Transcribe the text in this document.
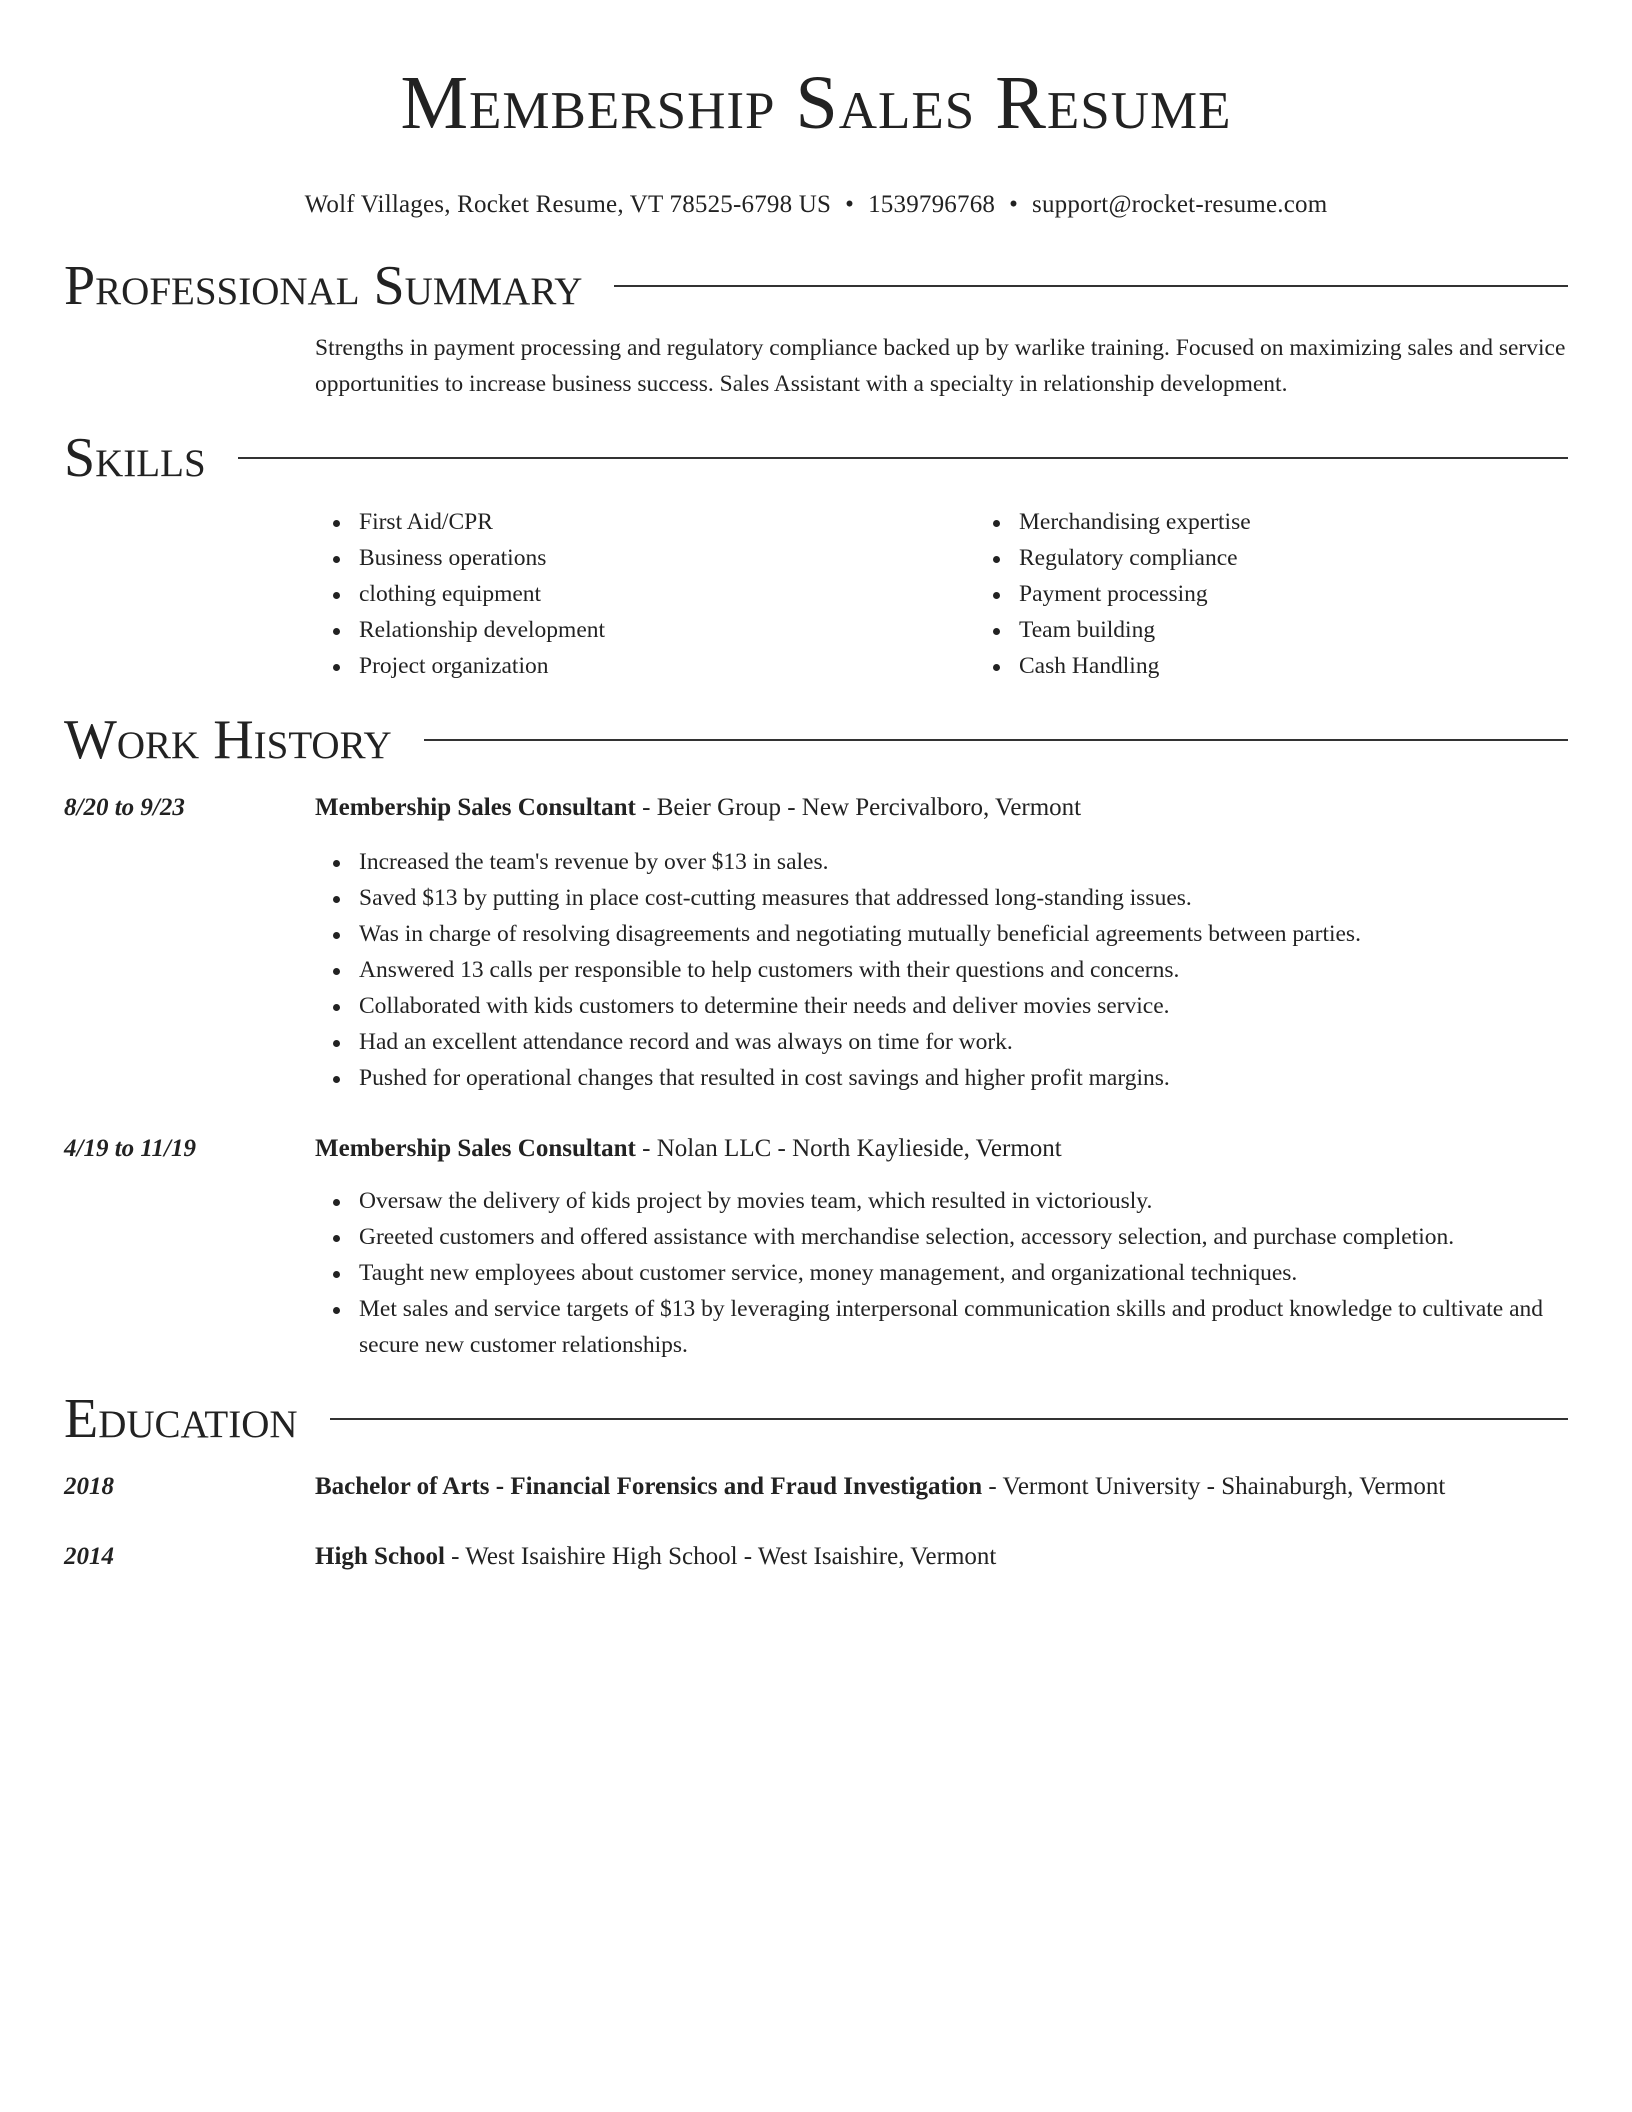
Membership Sales Resume
Wolf Villages, Rocket Resume, VT 78525-6798 US • 1539796768 • support@rocket-resume.com
Professional Summary

Strengths in payment processing and regulatory compliance backed up by warlike training. Focused on maximizing sales and service opportunities to increase business success. Sales Assistant with a specialty in relationship development.

Skills
First Aid/CPR
Business operations
clothing equipment
Relationship development
Project organization
Merchandising expertise
Regulatory compliance
Payment processing
Team building
Cash Handling
Work History
8/20 to 9/23	Membership Sales Consultant - Beier Group - New Percivalboro, Vermont
Increased the team's revenue by over $13 in sales.
Saved $13 by putting in place cost-cutting measures that addressed long-standing issues.
Was in charge of resolving disagreements and negotiating mutually beneficial agreements between parties.
Answered 13 calls per responsible to help customers with their questions and concerns.
Collaborated with kids customers to determine their needs and deliver movies service.
Had an excellent attendance record and was always on time for work.
Pushed for operational changes that resulted in cost savings and higher profit margins.
4/19 to 11/19	Membership Sales Consultant - Nolan LLC - North Kaylieside, Vermont
Oversaw the delivery of kids project by movies team, which resulted in victoriously.
Greeted customers and offered assistance with merchandise selection, accessory selection, and purchase completion.
Taught new employees about customer service, money management, and organizational techniques.
Met sales and service targets of $13 by leveraging interpersonal communication skills and product knowledge to cultivate and secure new customer relationships.
Education
2018	Bachelor of Arts - Financial Forensics and Fraud Investigation - Vermont University - Shainaburgh, Vermont
2014	High School - West Isaishire High School - West Isaishire, Vermont
